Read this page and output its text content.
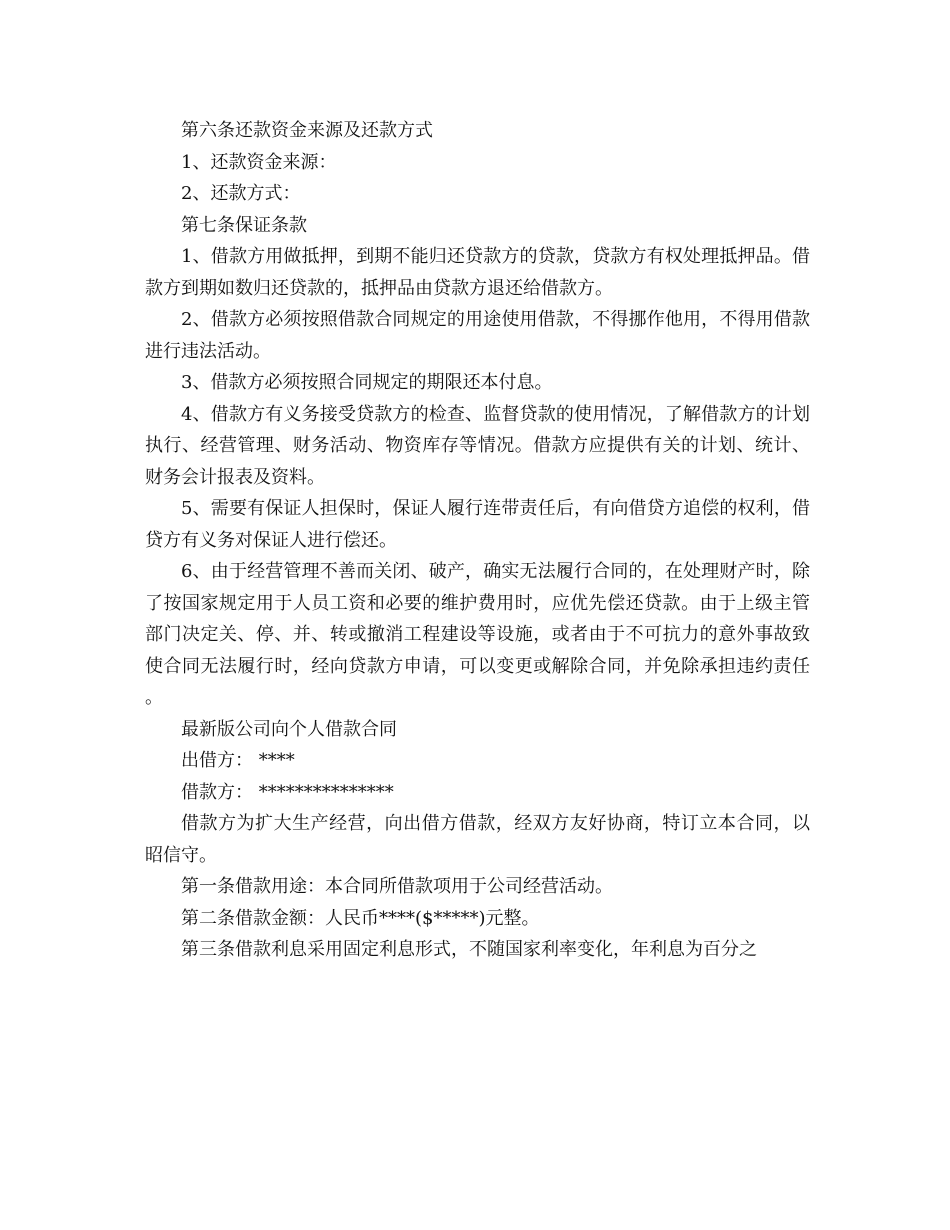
第六条还款资金来源及还款方式

1、还款资金来源：

2、还款方式：

第七条保证条款

1、借款方用做抵押，到期不能归还贷款方的贷款，贷款方有权处理抵押品。借款方到期如数归还贷款的，抵押品由贷款方退还给借款方。

2、借款方必须按照借款合同规定的用途使用借款，不得挪作他用，不得用借款进行违法活动。

3、借款方必须按照合同规定的期限还本付息。

4、借款方有义务接受贷款方的检查、监督贷款的使用情况，了解借款方的计划执行、经营管理、财务活动、物资库存等情况。借款方应提供有关的计划、统计、财务会计报表及资料。

5、需要有保证人担保时，保证人履行连带责任后，有向借贷方追偿的权利，借贷方有义务对保证人进行偿还。

6、由于经营管理不善而关闭、破产，确实无法履行合同的，在处理财产时，除了按国家规定用于人员工资和必要的维护费用时，应优先偿还贷款。由于上级主管部门决定关、停、并、转或撤消工程建设等设施，或者由于不可抗力的意外事故致使合同无法履行时，经向贷款方申请，可以变更或解除合同，并免除承担违约责任。

最新版公司向个人借款合同

出借方： ****

借款方： ***************

借款方为扩大生产经营，向出借方借款，经双方友好协商，特订立本合同，以昭信守。

第一条借款用途：本合同所借款项用于公司经营活动。

第二条借款金额：人民币****($*****)元整。

第三条借款利息采用固定利息形式，不随国家利率变化，年利息为百分之
